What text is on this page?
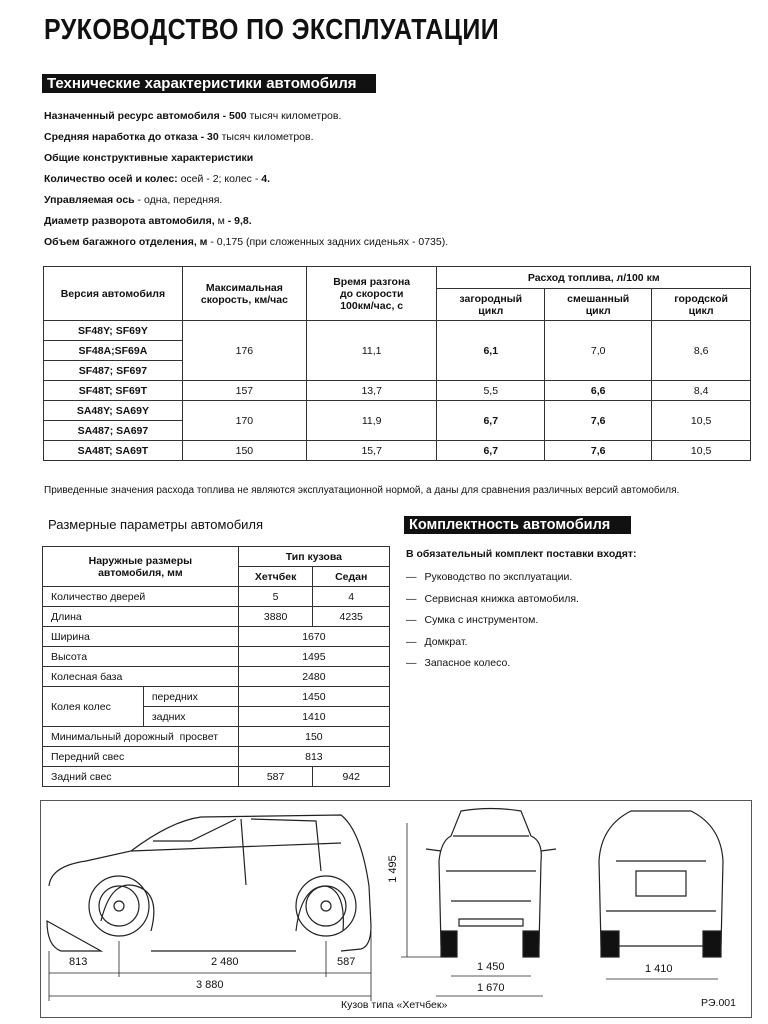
РУКОВОДСТВО ПО ЭКСПЛУАТАЦИИ
Технические характеристики автомобиля
Назначенный ресурс автомобиля - 500 тысяч километров.
Средняя наработка до отказа - 30 тысяч километров.
Общие конструктивные характеристики
Количество осей и колес: осей - 2; колес - 4.
Управляемая ось - одна, передняя.
Диаметр разворота автомобиля, м - 9,8.
Объем багажного отделения, м - 0,175 (при сложенных задних сиденьях - 0735).
Версия автомобиля	Максимальная скорость, км/час	Время разгона до скорости 100км/час, с	Расход топлива, л/100 км		
			загородный цикл	смешанный цикл	городской цикл
SF48Y; SF69Y	176	11,1	6,1	7,0	8,6
SF48A;SF69A					
SF487; SF697					
SF48T; SF69T	157	13,7	5,5	6,6	8,4
SA48Y; SA69Y	170	11,9	6,7	7,6	10,5
SA487; SA697					
SA48T; SA69T	150	15,7	6,7	7,6	10,5
Приведенные значения расхода топлива не являются эксплуатационной нормой, а даны для сравнения различных версий автомобиля.
Размерные параметры автомобиля	Комплектность автомобиля
Наружные размеры автомобиля, мм		Тип кузова	
		Хетчбек	Седан
Количество дверей		5	4
Длина		3880	4235
Ширина		1670	
Высота		1495	
Колесная база		2480	
Колея колес	передних	1450	
	задних	1410	
Минимальный дорожный  просвет		150	
Передний свес		813	
Задний свес		587	942
В обязательный комплект поставки входят:
— Руководство по эксплуатации.
— Сервисная книжка автомобиля.
— Сумка с инструментом.
— Домкрат.
— Запасное колесо.
813	2 480	587
3 880
1 495
1 450
1 670
1 410
Кузов типа «Хетчбек»	РЭ.001
